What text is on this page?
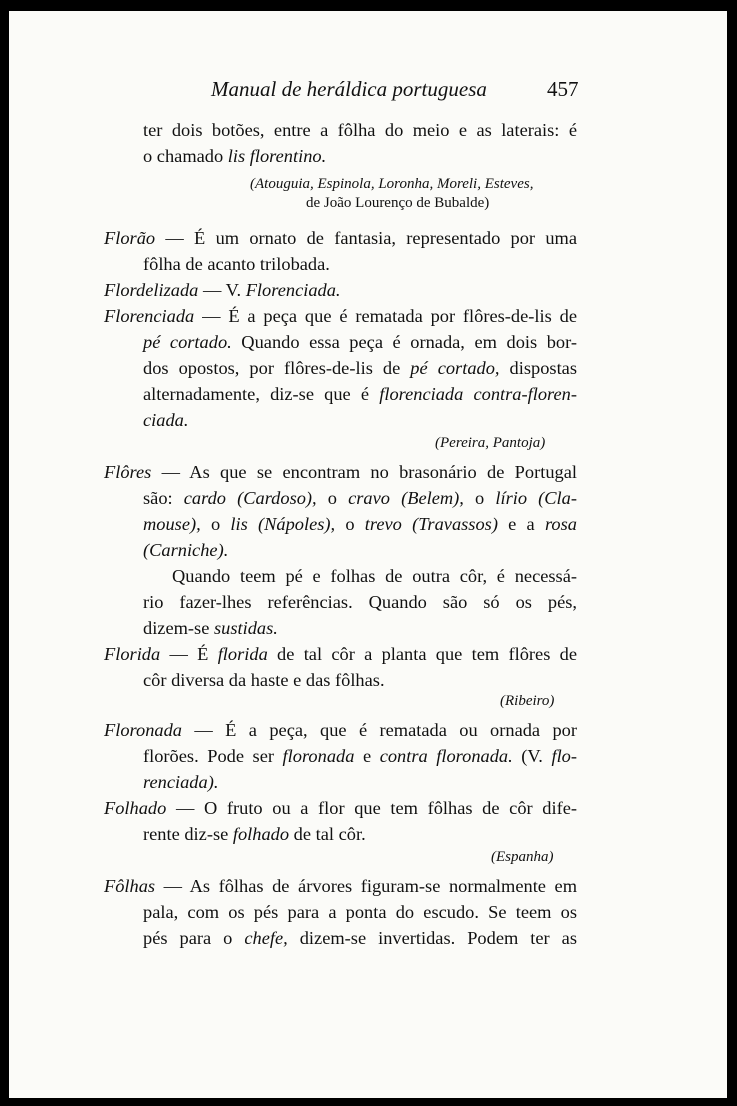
Manual de heráldica portuguesa	457
ter dois botões, entre a fôlha do meio e as laterais: é
o chamado lis florentino.
(Atouguia, Espinola, Loronha, Moreli, Esteves,
de João Lourenço de Bubalde)
Florão — É um ornato de fantasia, representado por uma
fôlha de acanto trilobada.
Flordelizada — V. Florenciada.
Florenciada — É a peça que é rematada por flôres-de-lis de
pé cortado. Quando essa peça é ornada, em dois bor-
dos opostos, por flôres-de-lis de pé cortado, dispostas
alternadamente, diz-se que é florenciada contra-floren-
ciada.
(Pereira, Pantoja)
Flôres — As que se encontram no brasonário de Portugal
são: cardo (Cardoso), o cravo (Belem), o lírio (Cla-
mouse), o lis (Nápoles), o trevo (Travassos) e a rosa
(Carniche).
Quando teem pé e folhas de outra côr, é necessá-
rio fazer-lhes referências. Quando são só os pés,
dizem-se sustidas.
Florida — É florida de tal côr a planta que tem flôres de
côr diversa da haste e das fôlhas.
(Ribeiro)
Floronada — É a peça, que é rematada ou ornada por
florões. Pode ser floronada e contra floronada. (V. flo-
renciada).
Folhado — O fruto ou a flor que tem fôlhas de côr dife-
rente diz-se folhado de tal côr.
(Espanha)
Fôlhas — As fôlhas de árvores figuram-se normalmente em
pala, com os pés para a ponta do escudo. Se teem os
pés para o chefe, dizem-se invertidas. Podem ter as
